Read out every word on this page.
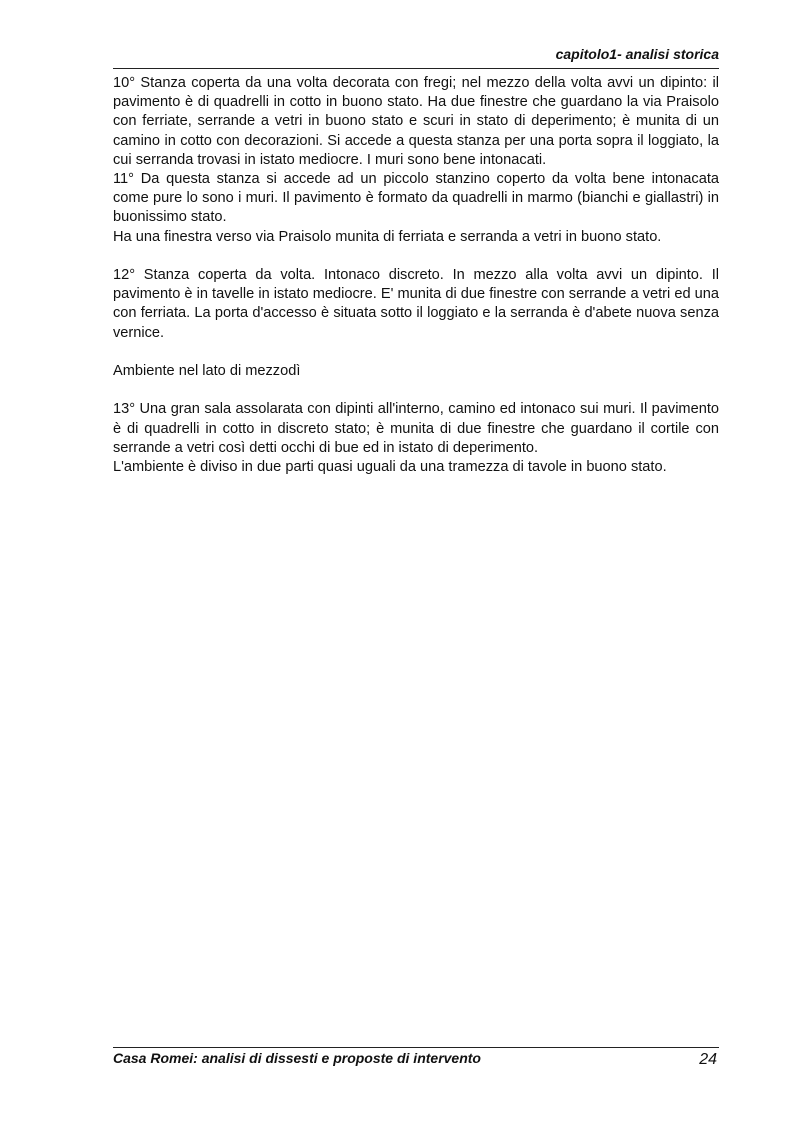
capitolo1- analisi storica

10° Stanza coperta da una volta decorata con fregi; nel mezzo della volta avvi un dipinto: il pavimento è di quadrelli in cotto in buono stato. Ha due finestre che guardano la via Praisolo con ferriate, serrande a vetri in buono stato e scuri in stato di deperimento; è munita di un camino in cotto con decorazioni. Si accede a questa stanza per una porta sopra il loggiato, la cui serranda trovasi in istato mediocre. I muri sono bene intonacati.

11° Da questa stanza si accede ad un piccolo stanzino coperto da volta bene intonacata come pure lo sono i muri. Il pavimento è formato da quadrelli in marmo (bianchi e giallastri) in buonissimo stato.

Ha una finestra verso via Praisolo munita di ferriata e serranda a vetri in buono stato.

12° Stanza coperta da volta. Intonaco discreto. In mezzo alla volta avvi un dipinto. Il pavimento è in tavelle in istato mediocre. E' munita di due finestre con serrande a vetri ed una con ferriata. La porta d'accesso è situata sotto il loggiato e la serranda è d'abete nuova senza vernice.

Ambiente nel lato di mezzodì

13° Una gran sala assolarata con dipinti all'interno, camino ed intonaco sui muri. Il pavimento è di quadrelli in cotto in discreto stato; è munita di due finestre che guardano il cortile con serrande a vetri così detti occhi di bue ed in istato di deperimento.

L'ambiente è diviso in due parti quasi uguali da una tramezza di tavole in buono stato.

Casa Romei: analisi di dissesti e proposte di intervento	24
